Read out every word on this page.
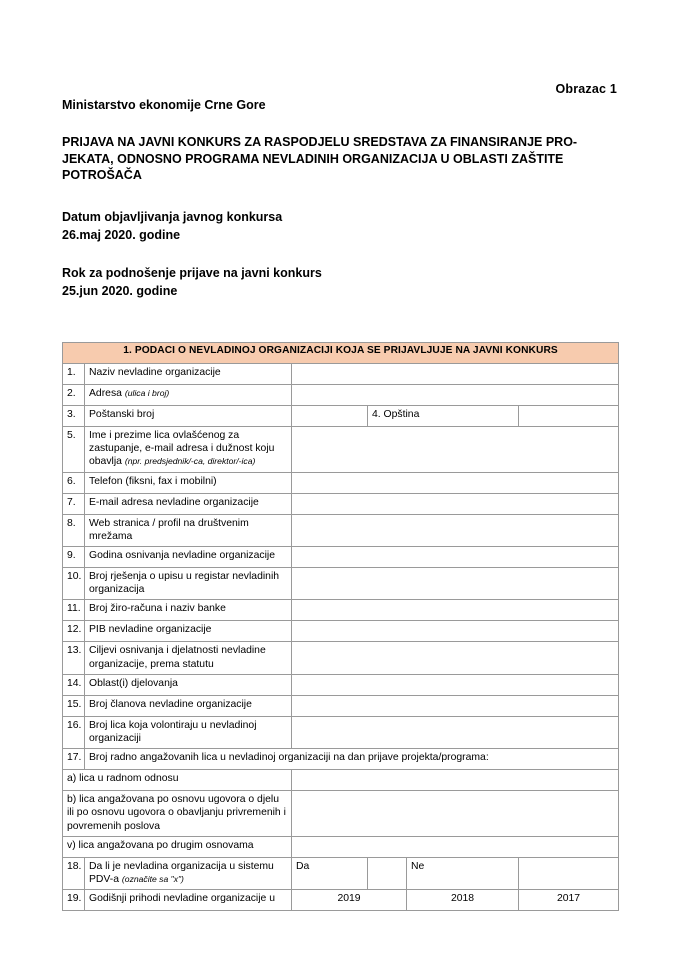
Obrazac 1

Ministarstvo ekonomije Crne Gore

PRIJAVA NA JAVNI KONKURS ZA RASPODJELU SREDSTAVA ZA FINANSIRANJE PRO-JEKATA, ODNOSNO PROGRAMA NEVLADINIH ORGANIZACIJA U OBLASTI ZAŠTITE POTROŠAČA

Datum objavljivanja javnog konkursa
26.maj 2020. godine
Rok za podnošenje prijave na javni konkurs
25.jun 2020. godine
1. PODACI O NEVLADINOJ ORGANIZACIJI KOJA SE PRIJAVLJUJE NA JAVNI KONKURS					
1.	Naziv nevladine organizacije				
2.	Adresa (ulica i broj)				
3.	Poštanski broj		4. Opština		
5.	Ime i prezime lica ovlašćenog za zastupanje, e-mail adresa i dužnost koju obavlja (npr. predsjednik/-ca, direktor/-ica)				
6.	Telefon (fiksni, fax i mobilni)				
7.	E-mail adresa nevladine organizacije				
8.	Web stranica / profil na društvenim mrežama				
9.	Godina osnivanja nevladine organizacije				
10.	Broj rješenja o upisu u registar nevladinih organizacija				
11.	Broj žiro-računa i naziv banke				
12.	PIB nevladine organizacije				
13.	Ciljevi osnivanja i djelatnosti nevladine organizacije, prema statutu				
14.	Oblast(i) djelovanja				
15.	Broj članova nevladine organizacije				
16.	Broj lica koja volontiraju u nevladinoj organizaciji				
17.	Broj radno angažovanih lica u nevladinoj organizaciji na dan prijave projekta/programa:				
a) lica u radnom odnosu					
b) lica angažovana po osnovu ugovora o djelu ili po osnovu ugovora o obavljanju privremenih i povremenih poslova					
v) lica angažovana po drugim osnovama					
18.	Da li je nevladina organizacija u sistemu PDV-a (označite sa "x")	Da		Ne	
19.	Godišnji prihodi nevladine organizacije u	2019		2018	2017
